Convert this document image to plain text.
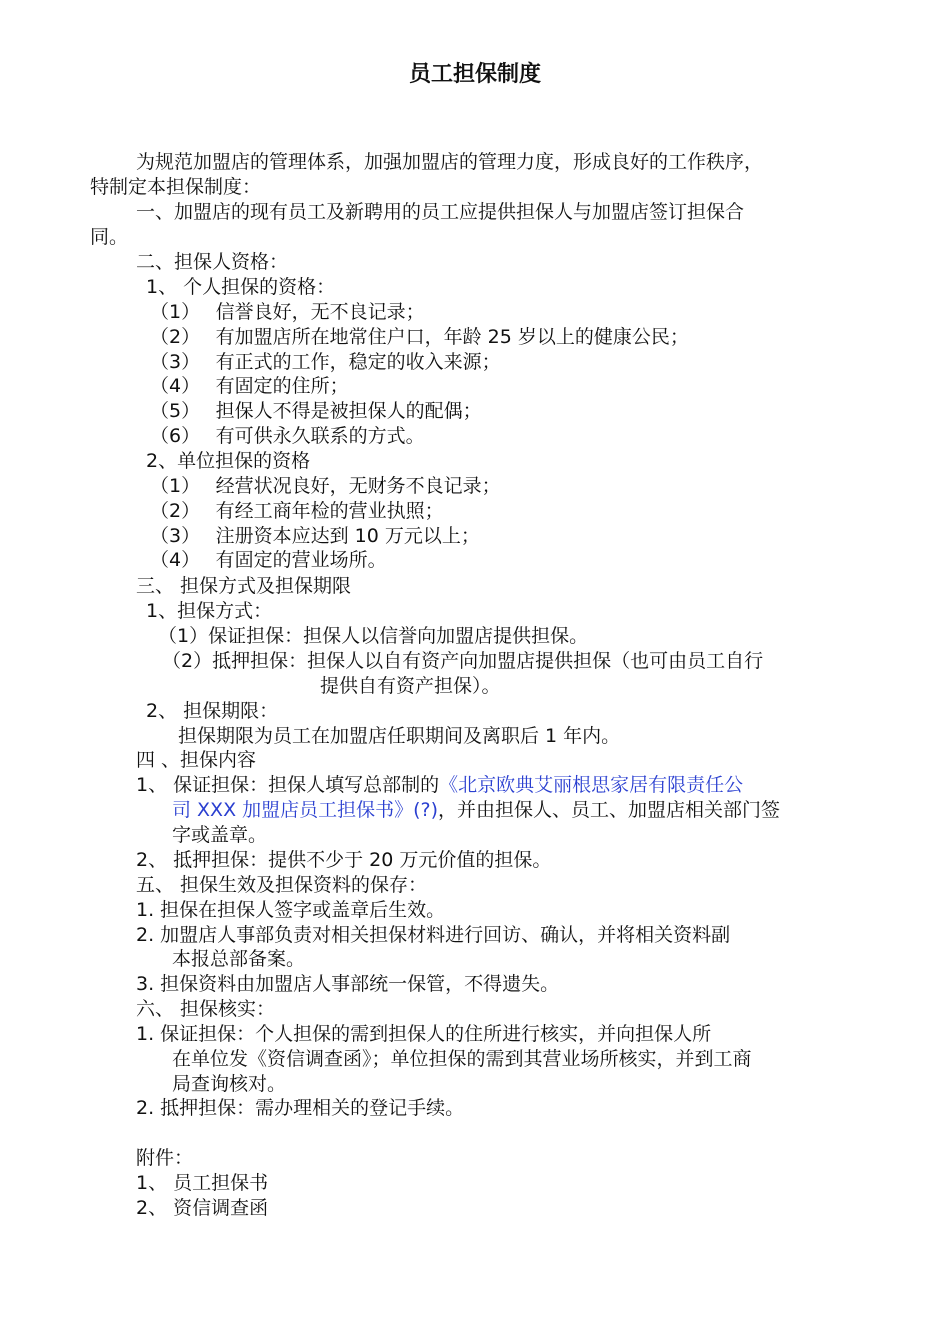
员工担保制度
为规范加盟店的管理体系，加强加盟店的管理力度，形成良好的工作秩序，
特制定本担保制度：
一、加盟店的现有员工及新聘用的员工应提供担保人与加盟店签订担保合
同。
二、担保人资格：
1、 个人担保的资格：
（1）　 信誉良好，无不良记录；
（2）　 有加盟店所在地常住户口，年龄 25 岁以上的健康公民；
（3）　 有正式的工作，稳定的收入来源；
（4）　 有固定的住所；
（5）　 担保人不得是被担保人的配偶；
（6）　 有可供永久联系的方式。
2、单位担保的资格
（1）　 经营状况良好，无财务不良记录；
（2）　 有经工商年检的营业执照；
（3）　 注册资本应达到 10 万元以上；
（4）　 有固定的营业场所。
三、 担保方式及担保期限
1、担保方式：
（1）保证担保：担保人以信誉向加盟店提供担保。
（2）抵押担保：担保人以自有资产向加盟店提供担保（也可由员工自行
提供自有资产担保）。
2、 担保期限：
担保期限为员工在加盟店任职期间及离职后 1 年内。
四 、担保内容
1、 保证担保：担保人填写总部制的《北京欧典艾丽根思家居有限责任公
司 XXX 加盟店员工担保书》(?)，并由担保人、员工、加盟店相关部门签
字或盖章。
2、 抵押担保：提供不少于 20 万元价值的担保。
五、 担保生效及担保资料的保存：
1. 担保在担保人签字或盖章后生效。
2. 加盟店人事部负责对相关担保材料进行回访、确认，并将相关资料副
本报总部备案。
3. 担保资料由加盟店人事部统一保管，不得遗失。
六、 担保核实：
1. 保证担保：个人担保的需到担保人的住所进行核实，并向担保人所
在单位发《资信调查函》；单位担保的需到其营业场所核实，并到工商
局查询核对。
2. 抵押担保：需办理相关的登记手续。
附件：
1、 员工担保书
2、 资信调查函
